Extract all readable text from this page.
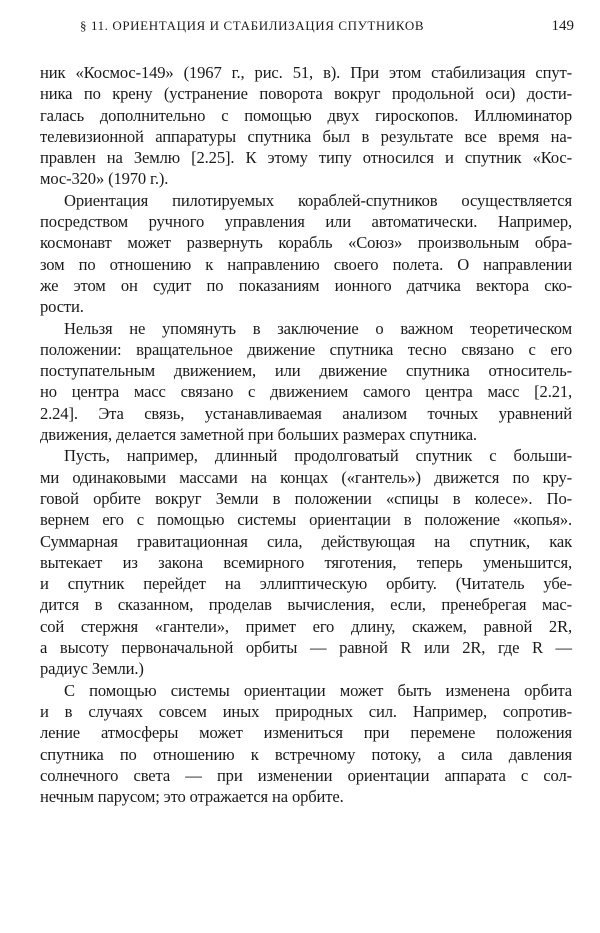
§ 11. ОРИЕНТАЦИЯ И СТАБИЛИЗАЦИЯ СПУТНИКОВ	149
ник «Космос-149» (1967 г., рис. 51, в). При этом стабилизация спут-
ника по крену (устранение поворота вокруг продольной оси) дости-
галась дополнительно с помощью двух гироскопов. Иллюминатор
телевизионной аппаратуры спутника был в результате все время на-
правлен на Землю [2.25]. К этому типу относился и спутник «Кос-
мос-320» (1970 г.).
Ориентация пилотируемых кораблей-спутников осуществляется
посредством ручного управления или автоматически. Например,
космонавт может развернуть корабль «Союз» произвольным обра-
зом по отношению к направлению своего полета. О направлении
же этом он судит по показаниям ионного датчика вектора ско-
рости.
Нельзя не упомянуть в заключение о важном теоретическом
положении: вращательное движение спутника тесно связано с его
поступательным движением, или движение спутника относитель-
но центра масс связано с движением самого центра масс [2.21,
2.24]. Эта связь, устанавливаемая анализом точных уравнений
движения, делается заметной при больших размерах спутника.
Пусть, например, длинный продолговатый спутник с больши-
ми одинаковыми массами на концах («гантель») движется по кру-
говой орбите вокруг Земли в положении «спицы в колесе». По-
вернем его с помощью системы ориентации в положение «копья».
Суммарная гравитационная сила, действующая на спутник, как
вытекает из закона всемирного тяготения, теперь уменьшится,
и спутник перейдет на эллиптическую орбиту. (Читатель убе-
дится в сказанном, проделав вычисления, если, пренебрегая мас-
сой стержня «гантели», примет его длину, скажем, равной 2R,
а высоту первоначальной орбиты — равной R или 2R, где R —
радиус Земли.)
С помощью системы ориентации может быть изменена орбита
и в случаях совсем иных природных сил. Например, сопротив-
ление атмосферы может измениться при перемене положения
спутника по отношению к встречному потоку, а сила давления
солнечного света — при изменении ориентации аппарата с сол-
нечным парусом; это отражается на орбите.
